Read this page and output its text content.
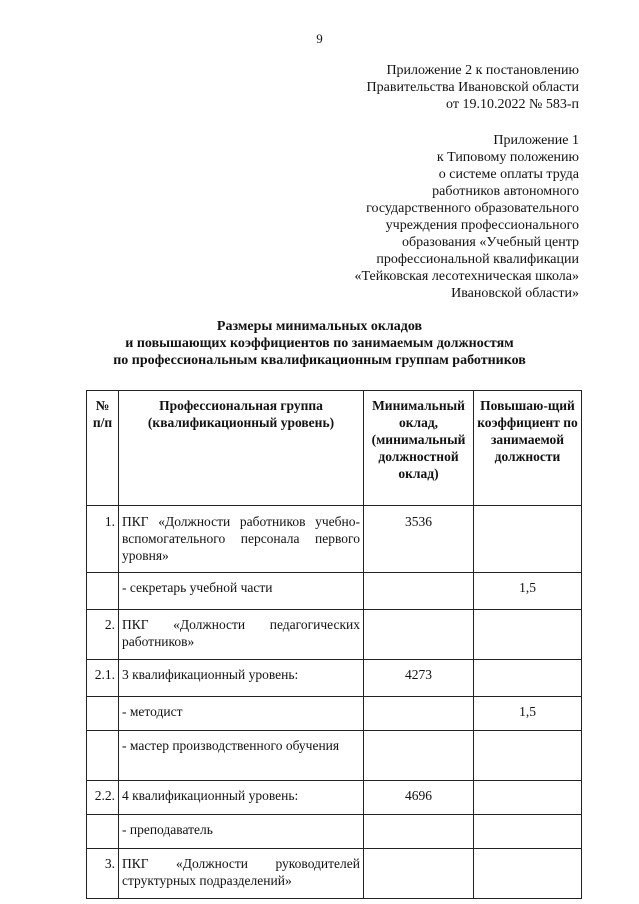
9
Приложение 2 к постановлению
Правительства Ивановской области
от 19.10.2022 № 583-п
Приложение 1
к Типовому положению
о системе оплаты труда
работников автономного
государственного образовательного
учреждения профессионального
образования «Учебный центр
профессиональной квалификации
«Тейковская лесотехническая школа»
Ивановской области»
Размеры минимальных окладов
и повышающих коэффициентов по занимаемым должностям
по профессиональным квалификационным группам работников
№ п/п	Профессиональная группа (квалификационный уровень)	Минимальный оклад, (минимальный должностной оклад)	Повышаю-щий коэффициент по занимаемой должности
1.	ПКГ «Должности работников учебно-вспомогательного персонала первого уровня»	3536	
	- секретарь учебной части		1,5
2.	ПКГ «Должности педагогических работников»		
2.1.	3 квалификационный уровень:	4273	
	- методист		1,5
	- мастер производственного обучения		
2.2.	4 квалификационный уровень:	4696	
	- преподаватель		
3.	ПКГ «Должности руководителей структурных подразделений»		
